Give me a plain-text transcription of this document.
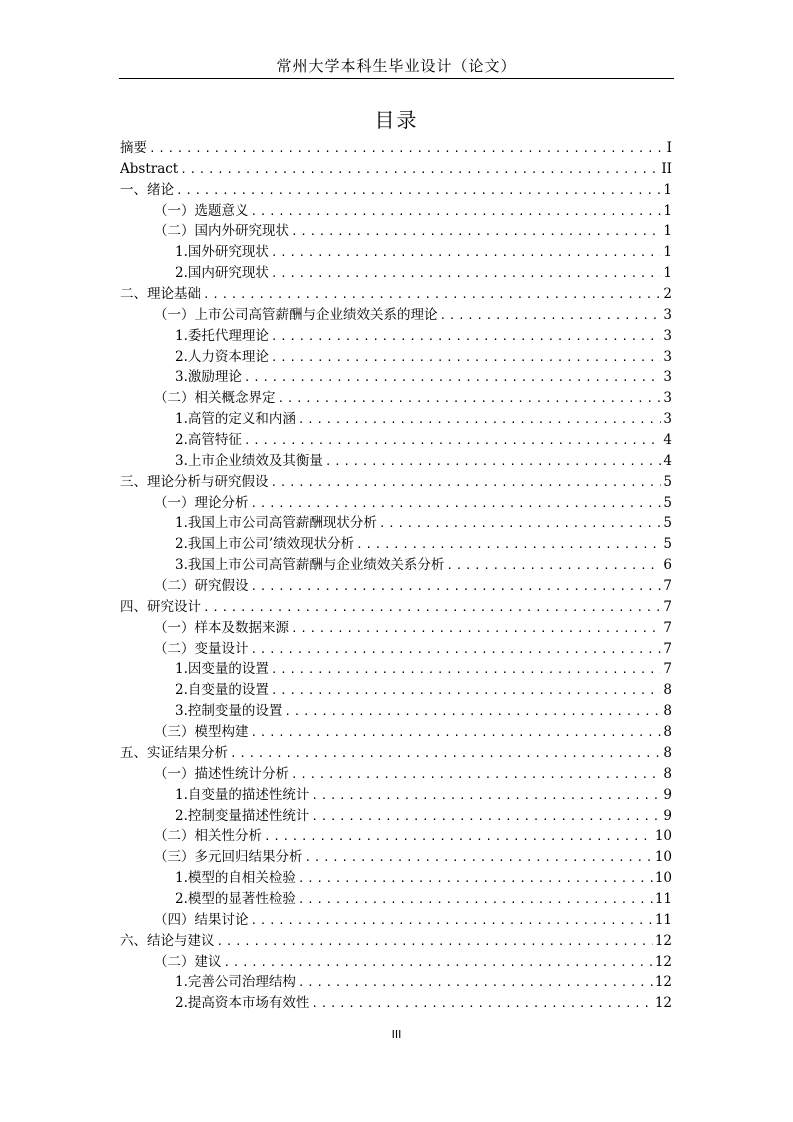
常州大学本科生毕业设计（论文）
目录
摘要 .....	I
Abstract .....	II
一、绪论 .....	1
（一）选题意义 .....	1
（二）国内外研究现状 .....	1
1.国外研究现状 .....	1
2.国内研究现状 .....	1
二、理论基础 .....	2
（一）上市公司高管薪酬与企业绩效关系的理论 .....	3
1.委托代理理论 .....	3
2.人力资本理论 .....	3
3.激励理论 .....	3
（二）相关概念界定 .....	3
1.高管的定义和内涵 .....	3
2.高管特征 .....	4
3.上市企业绩效及其衡量 .....	4
三、理论分析与研究假设 .....	5
（一）理论分析 .....	5
1.我国上市公司高管薪酬现状分析 .....	5
2.我国上市公司’绩效现状分析 .....	5
3.我国上市公司高管薪酬与企业绩效关系分析 .....	6
（二）研究假设 .....	7
四、研究设计 .....	7
（一）样本及数据来源 .....	7
（二）变量设计 .....	7
1.因变量的设置 .....	7
2.自变量的设置 .....	8
3.控制变量的设置 .....	8
（三）模型构建 .....	8
五、实证结果分析 .....	8
（一）描述性统计分析 .....	8
1.自变量的描述性统计 .....	9
2.控制变量描述性统计 .....	9
（二）相关性分析 .....	10
（三）多元回归结果分析 .....	10
1.模型的自相关检验 .....	10
2.模型的显著性检验 .....	11
（四）结果讨论 .....	11
六、结论与建议 .....	12
（二）建议 .....	12
1.完善公司治理结构 .....	12
2.提高资本市场有效性 .....	12
III
